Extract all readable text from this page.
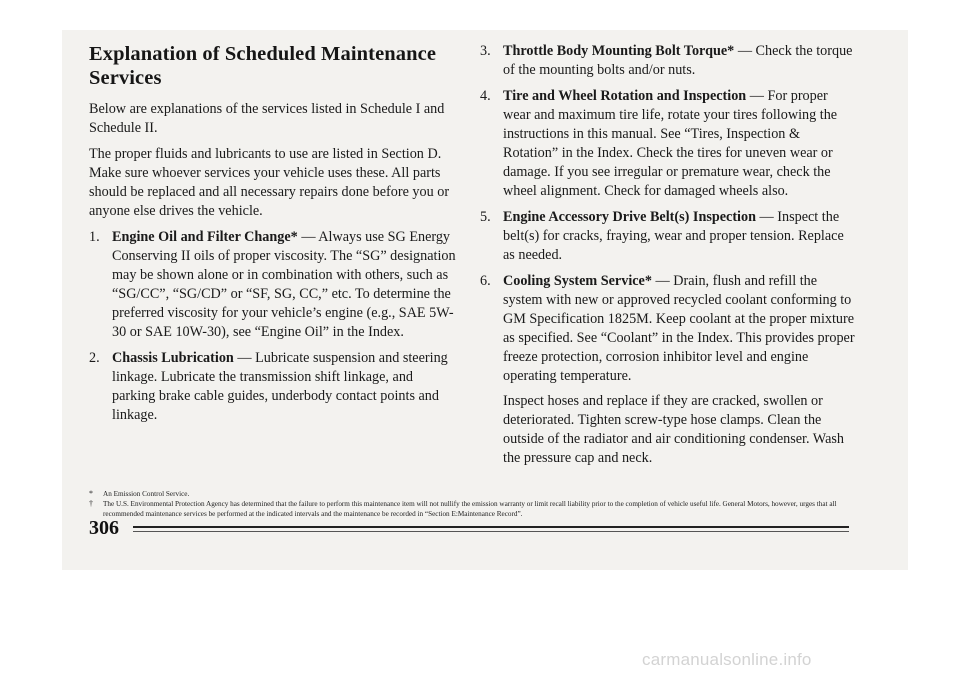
Explanation of Scheduled Maintenance Services

Below are explanations of the services listed in Schedule I and Schedule II.

The proper fluids and lubricants to use are listed in Section D. Make sure whoever services your vehicle uses these. All parts should be replaced and all necessary repairs done before you or anyone else drives the vehicle.

1. Engine Oil and Filter Change* — Always use SG Energy Conserving II oils of proper viscosity. The “SG” designation may be shown alone or in combination with others, such as “SG/CC”, “SG/CD” or “SF, SG, CC,” etc. To determine the preferred viscosity for your vehicle’s engine (e.g., SAE 5W-30 or SAE 10W-30), see “Engine Oil” in the Index.
2. Chassis Lubrication — Lubricate suspension and steering linkage. Lubricate the transmission shift linkage, and parking brake cable guides, underbody contact points and linkage.
3. Throttle Body Mounting Bolt Torque* — Check the torque of the mounting bolts and/or nuts.
4. Tire and Wheel Rotation and Inspection — For proper wear and maximum tire life, rotate your tires following the instructions in this manual. See “Tires, Inspection & Rotation” in the Index. Check the tires for uneven wear or damage. If you see irregular or premature wear, check the wheel alignment. Check for damaged wheels also.
5. Engine Accessory Drive Belt(s) Inspection — Inspect the belt(s) for cracks, fraying, wear and proper tension. Replace as needed.
6. Cooling System Service* — Drain, flush and refill the system with new or approved recycled coolant conforming to GM Specification 1825M. Keep coolant at the proper mixture as specified. See “Coolant” in the Index. This provides proper freeze protection, corrosion inhibitor level and engine operating temperature.

Inspect hoses and replace if they are cracked, swollen or deteriorated. Tighten screw-type hose clamps. Clean the outside of the radiator and air conditioning condenser. Wash the pressure cap and neck.

* An Emission Control Service.
† The U.S. Environmental Protection Agency has determined that the failure to perform this maintenance item will not nullify the emission warranty or limit recall liability prior to the completion of vehicle useful life. General Motors, however, urges that all recommended maintenance services be performed at the indicated intervals and the maintenance be recorded in “Section E:Maintenance Record”.
306
carmanualsonline.info
